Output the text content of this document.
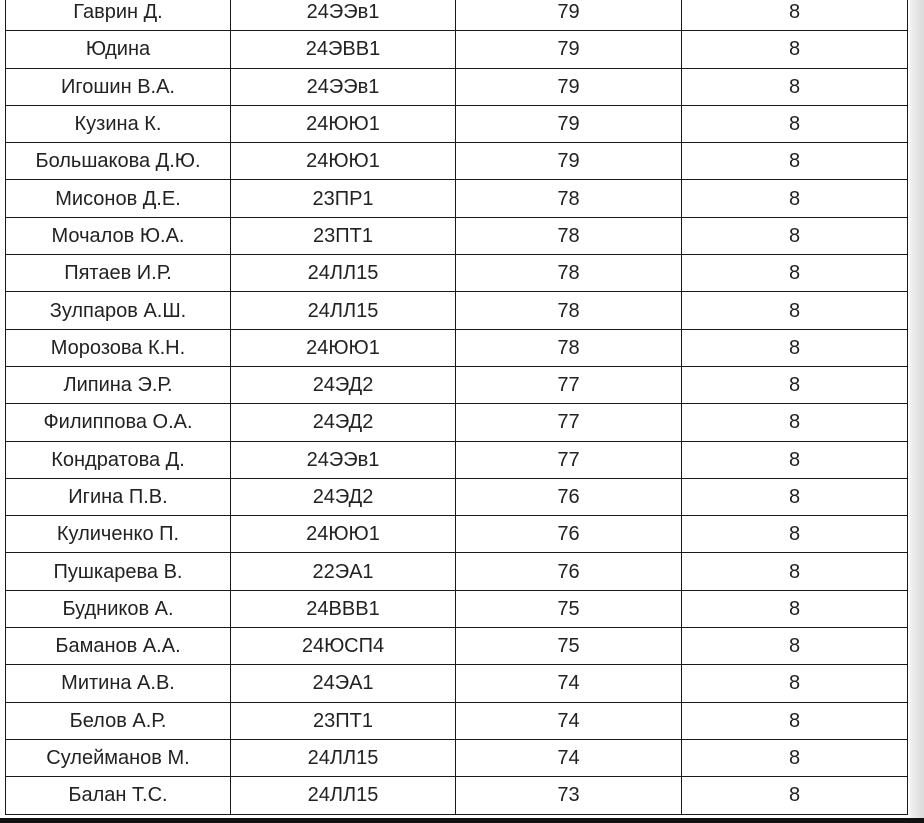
Гаврин Д.	24ЭЭв1	79	8
Юдина	24ЭВВ1	79	8
Игошин В.А.	24ЭЭв1	79	8
Кузина К.	24ЮЮ1	79	8
Большакова Д.Ю.	24ЮЮ1	79	8
Мисонов Д.Е.	23ПР1	78	8
Мочалов Ю.А.	23ПТ1	78	8
Пятаев И.Р.	24ЛЛ15	78	8
Зулпаров А.Ш.	24ЛЛ15	78	8
Морозова К.Н.	24ЮЮ1	78	8
Липина Э.Р.	24ЭД2	77	8
Филиппова О.А.	24ЭД2	77	8
Кондратова Д.	24ЭЭв1	77	8
Игина П.В.	24ЭД2	76	8
Куличенко П.	24ЮЮ1	76	8
Пушкарева В.	22ЭА1	76	8
Будников А.	24ВВВ1	75	8
Баманов А.А.	24ЮСП4	75	8
Митина А.В.	24ЭА1	74	8
Белов А.Р.	23ПТ1	74	8
Сулейманов М.	24ЛЛ15	74	8
Балан Т.С.	24ЛЛ15	73	8
